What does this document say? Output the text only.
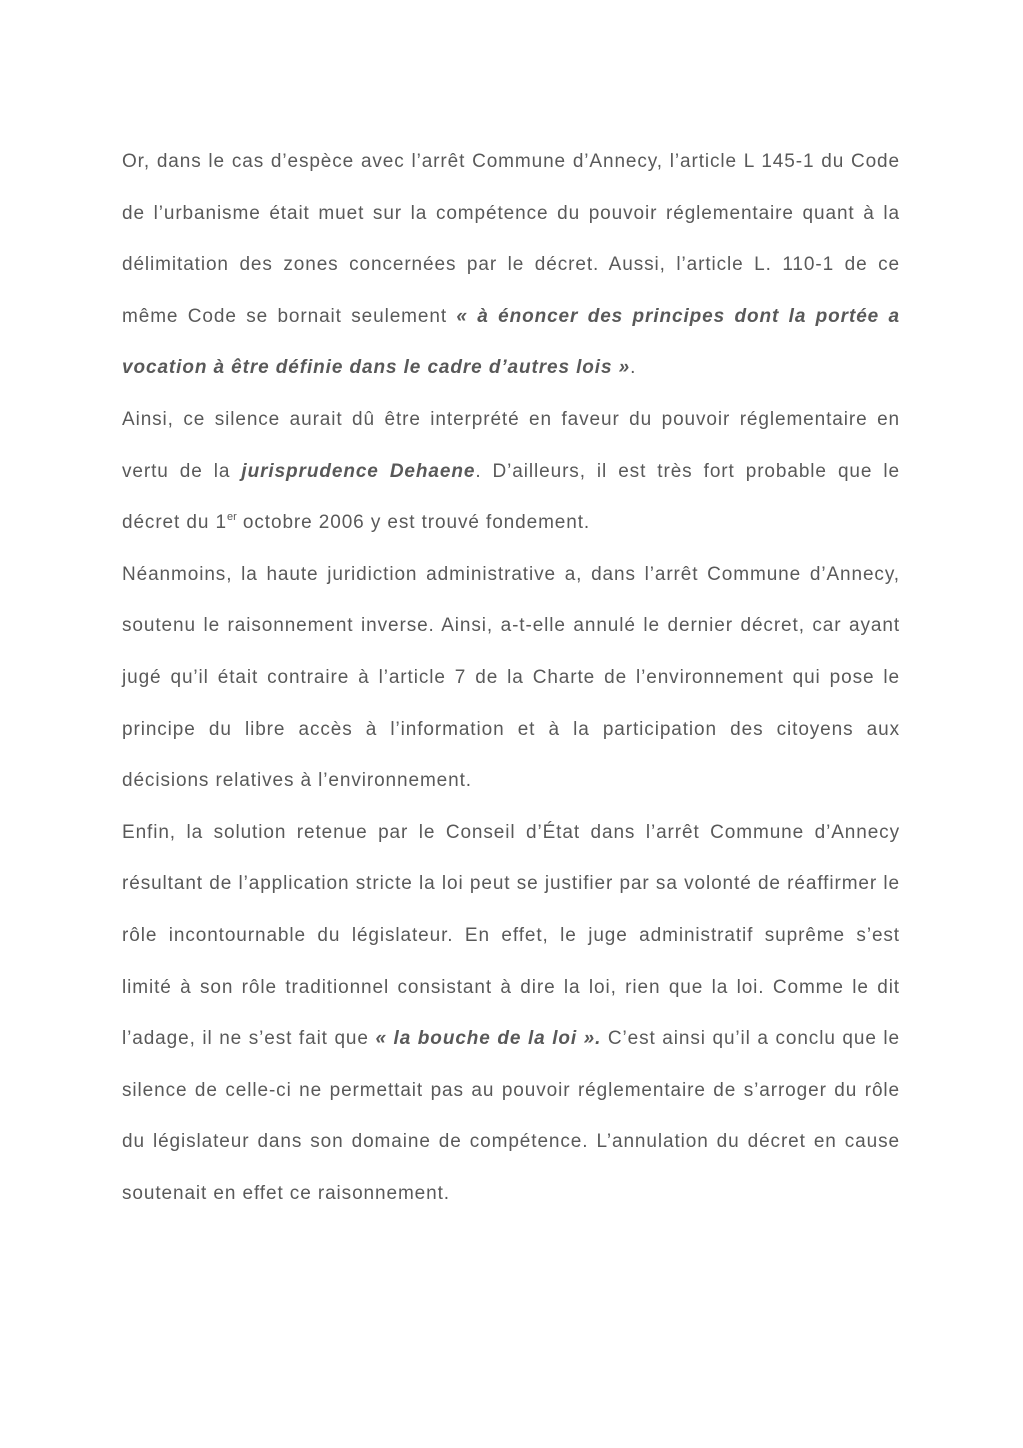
Or, dans le cas d’espèce avec l’arrêt Commune d’Annecy, l’article L 145-1 du Code de l’urbanisme était muet sur la compétence du pouvoir réglementaire quant à la délimitation des zones concernées par le décret. Aussi, l’article L. 110-1 de ce même Code se bornait seulement « à énoncer des principes dont la portée a vocation à être définie dans le cadre d’autres lois ».

Ainsi, ce silence aurait dû être interprété en faveur du pouvoir réglementaire en vertu de la jurisprudence Dehaene. D’ailleurs, il est très fort probable que le décret du 1er octobre 2006 y est trouvé fondement.

Néanmoins, la haute juridiction administrative a, dans l’arrêt Commune d’Annecy, soutenu le raisonnement inverse. Ainsi, a-t-elle annulé le dernier décret, car ayant jugé qu’il était contraire à l’article 7 de la Charte de l’environnement qui pose le principe du libre accès à l’information et à la participation des citoyens aux décisions relatives à l’environnement.

Enfin, la solution retenue par le Conseil d’État dans l’arrêt Commune d’Annecy résultant de l’application stricte la loi peut se justifier par sa volonté de réaffirmer le rôle incontournable du législateur. En effet, le juge administratif suprême s’est limité à son rôle traditionnel consistant à dire la loi, rien que la loi. Comme le dit l’adage, il ne s’est fait que « la bouche de la loi ». C’est ainsi qu’il a conclu que le silence de celle-ci ne permettait pas au pouvoir réglementaire de s’arroger du rôle du législateur dans son domaine de compétence. L’annulation du décret en cause soutenait en effet ce raisonnement.
